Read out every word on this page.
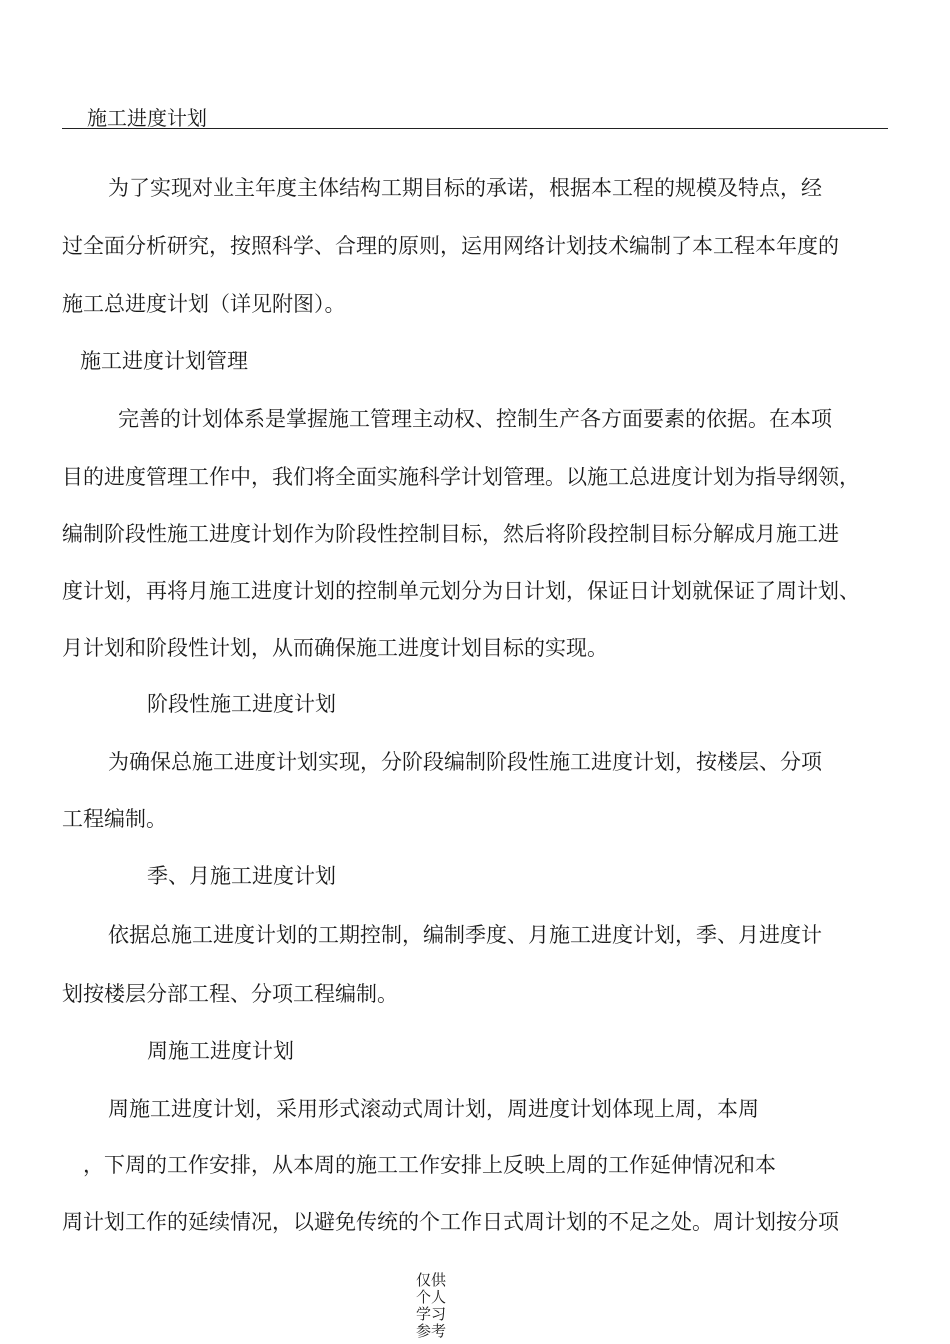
施工进度计划
为了实现对业主年度主体结构工期目标的承诺，根据本工程的规模及特点，经
过全面分析研究，按照科学、合理的原则，运用网络计划技术编制了本工程本年度的
施工总进度计划（详见附图）。
施工进度计划管理
完善的计划体系是掌握施工管理主动权、控制生产各方面要素的依据。在本项
目的进度管理工作中，我们将全面实施科学计划管理。以施工总进度计划为指导纲领，
编制阶段性施工进度计划作为阶段性控制目标，然后将阶段控制目标分解成月施工进
度计划，再将月施工进度计划的控制单元划分为日计划，保证日计划就保证了周计划、
月计划和阶段性计划，从而确保施工进度计划目标的实现。
阶段性施工进度计划
为确保总施工进度计划实现，分阶段编制阶段性施工进度计划，按楼层、分项
工程编制。
季、月施工进度计划
依据总施工进度计划的工期控制，编制季度、月施工进度计划，季、月进度计
划按楼层分部工程、分项工程编制。
周施工进度计划
周施工进度计划，采用形式滚动式周计划，周进度计划体现上周，本周
，下周的工作安排，从本周的施工工作安排上反映上周的工作延伸情况和本
周计划工作的延续情况，以避免传统的个工作日式周计划的不足之处。周计划按分项
仅供个人学习参考
